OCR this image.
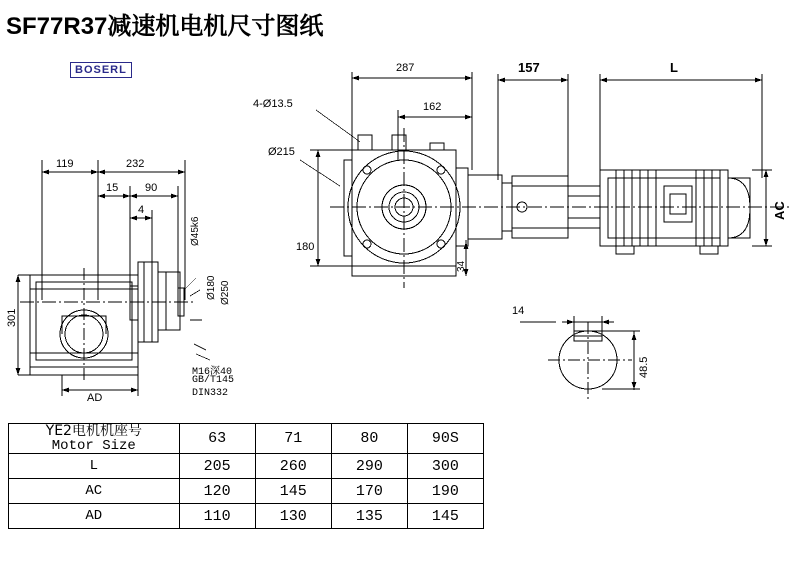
SF77R37减速机电机尺寸图纸
BOSERL
119	232
15 90
4
Ø45k6
Ø180 Ø250
301
AD
M16深40
GB/T145
DIN332
287
162
157	L
4-Ø13.5
Ø215
180
34
AC
14
48.5
YE2电机机座号
Motor Size	63	71	80	90S
L	205	260	290	300
AC	120	145	170	190
AD	110	130	135	145
